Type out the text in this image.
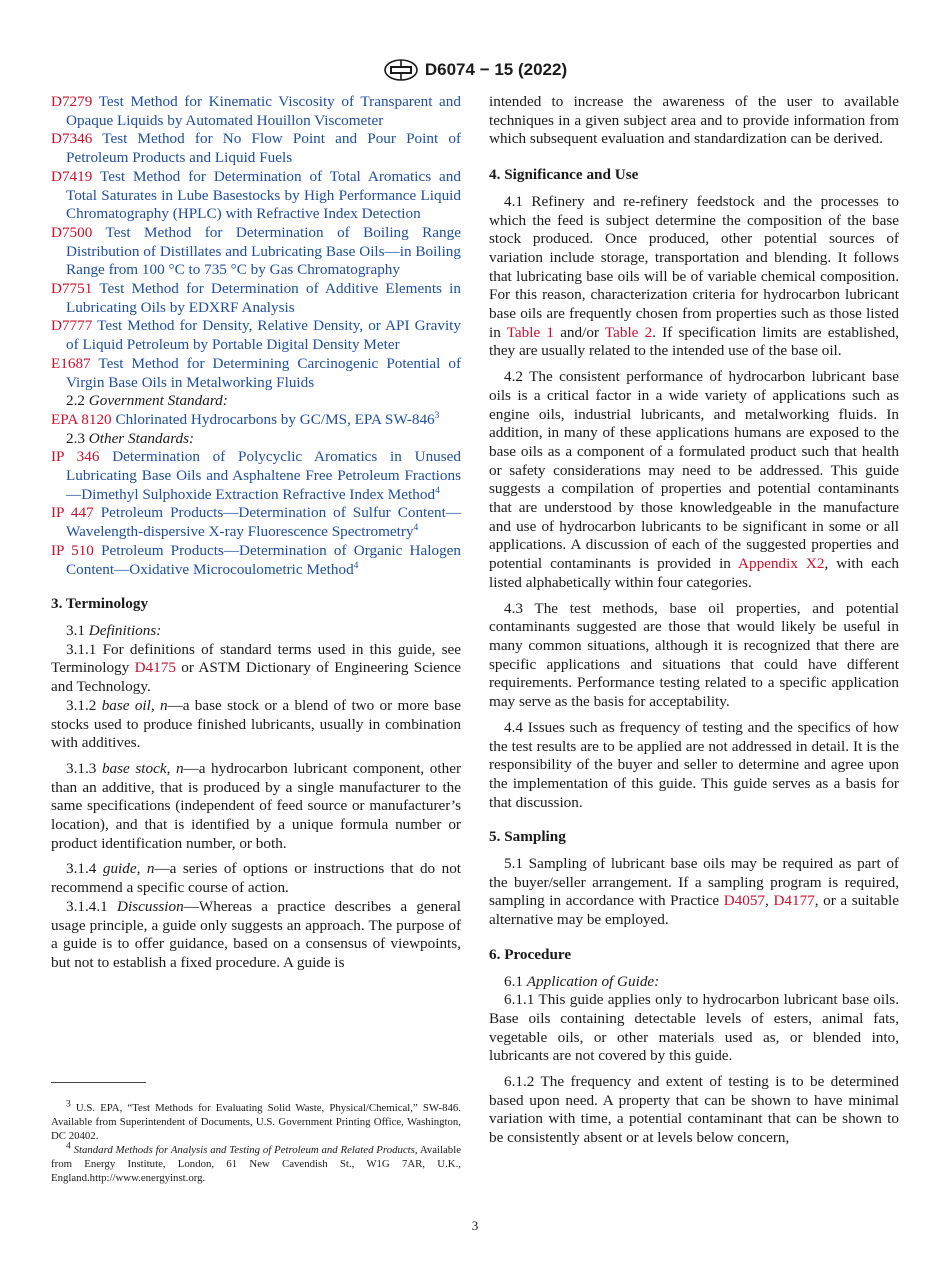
D6074 − 15 (2022)

D7279 Test Method for Kinematic Viscosity of Transparent and Opaque Liquids by Automated Houillon Viscometer

D7346 Test Method for No Flow Point and Pour Point of Petroleum Products and Liquid Fuels

D7419 Test Method for Determination of Total Aromatics and Total Saturates in Lube Basestocks by High Performance Liquid Chromatography (HPLC) with Refractive Index Detection

D7500 Test Method for Determination of Boiling Range Distribution of Distillates and Lubricating Base Oils—in Boiling Range from 100 °C to 735 °C by Gas Chromatography

D7751 Test Method for Determination of Additive Elements in Lubricating Oils by EDXRF Analysis

D7777 Test Method for Density, Relative Density, or API Gravity of Liquid Petroleum by Portable Digital Density Meter

E1687 Test Method for Determining Carcinogenic Potential of Virgin Base Oils in Metalworking Fluids

2.2 Government Standard:

EPA 8120 Chlorinated Hydrocarbons by GC/MS, EPA SW-846$^3$

2.3 Other Standards:

IP 346 Determination of Polycyclic Aromatics in Unused Lubricating Base Oils and Asphaltene Free Petroleum Fractions—Dimethyl Sulphoxide Extraction Refractive Index Method$^4$

IP 447 Petroleum Products—Determination of Sulfur Content—Wavelength-dispersive X-ray Fluorescence Spectrometry$^4$

IP 510 Petroleum Products—Determination of Organic Halogen Content—Oxidative Microcoulometric Method$^4$

3. Terminology

3.1 Definitions:

3.1.1 For definitions of standard terms used in this guide, see Terminology D4175 or ASTM Dictionary of Engineering Science and Technology.

3.1.2 base oil, n—a base stock or a blend of two or more base stocks used to produce finished lubricants, usually in combination with additives.

3.1.3 base stock, n—a hydrocarbon lubricant component, other than an additive, that is produced by a single manufacturer to the same specifications (independent of feed source or manufacturer’s location), and that is identified by a unique formula number or product identification number, or both.

3.1.4 guide, n—a series of options or instructions that do not recommend a specific course of action.

3.1.4.1 Discussion—Whereas a practice describes a general usage principle, a guide only suggests an approach. The purpose of a guide is to offer guidance, based on a consensus of viewpoints, but not to establish a fixed procedure. A guide is

intended to increase the awareness of the user to available techniques in a given subject area and to provide information from which subsequent evaluation and standardization can be derived.

4. Significance and Use

4.1 Refinery and re-refinery feedstock and the processes to which the feed is subject determine the composition of the base stock produced. Once produced, other potential sources of variation include storage, transportation and blending. It follows that lubricating base oils will be of variable chemical composition. For this reason, characterization criteria for hydrocarbon lubricant base oils are frequently chosen from properties such as those listed in Table 1 and/or Table 2. If specification limits are established, they are usually related to the intended use of the base oil.

4.2 The consistent performance of hydrocarbon lubricant base oils is a critical factor in a wide variety of applications such as engine oils, industrial lubricants, and metalworking fluids. In addition, in many of these applications humans are exposed to the base oils as a component of a formulated product such that health or safety considerations may need to be addressed. This guide suggests a compilation of properties and potential contaminants that are understood by those knowledgeable in the manufacture and use of hydrocarbon lubricants to be significant in some or all applications. A discussion of each of the suggested properties and potential contaminants is provided in Appendix X2, with each listed alphabetically within four categories.

4.3 The test methods, base oil properties, and potential contaminants suggested are those that would likely be useful in many common situations, although it is recognized that there are specific applications and situations that could have different requirements. Performance testing related to a specific application may serve as the basis for acceptability.

4.4 Issues such as frequency of testing and the specifics of how the test results are to be applied are not addressed in detail. It is the responsibility of the buyer and seller to determine and agree upon the implementation of this guide. This guide serves as a basis for that discussion.

5. Sampling

5.1 Sampling of lubricant base oils may be required as part of the buyer/seller arrangement. If a sampling program is required, sampling in accordance with Practice D4057, D4177, or a suitable alternative may be employed.

6. Procedure

6.1 Application of Guide:

6.1.1 This guide applies only to hydrocarbon lubricant base oils. Base oils containing detectable levels of esters, animal fats, vegetable oils, or other materials used as, or blended into, lubricants are not covered by this guide.

6.1.2 The frequency and extent of testing is to be determined based upon need. A property that can be shown to have minimal variation with time, a potential contaminant that can be shown to be consistently absent or at levels below concern,

$^3$ U.S. EPA, “Test Methods for Evaluating Solid Waste, Physical/Chemical,” SW-846. Available from Superintendent of Documents, U.S. Government Printing Office, Washington, DC 20402.

$^4$ Standard Methods for Analysis and Testing of Petroleum and Related Products, Available from Energy Institute, London, 61 New Cavendish St., W1G 7AR, U.K., England.http://www.energyinst.org.

3
